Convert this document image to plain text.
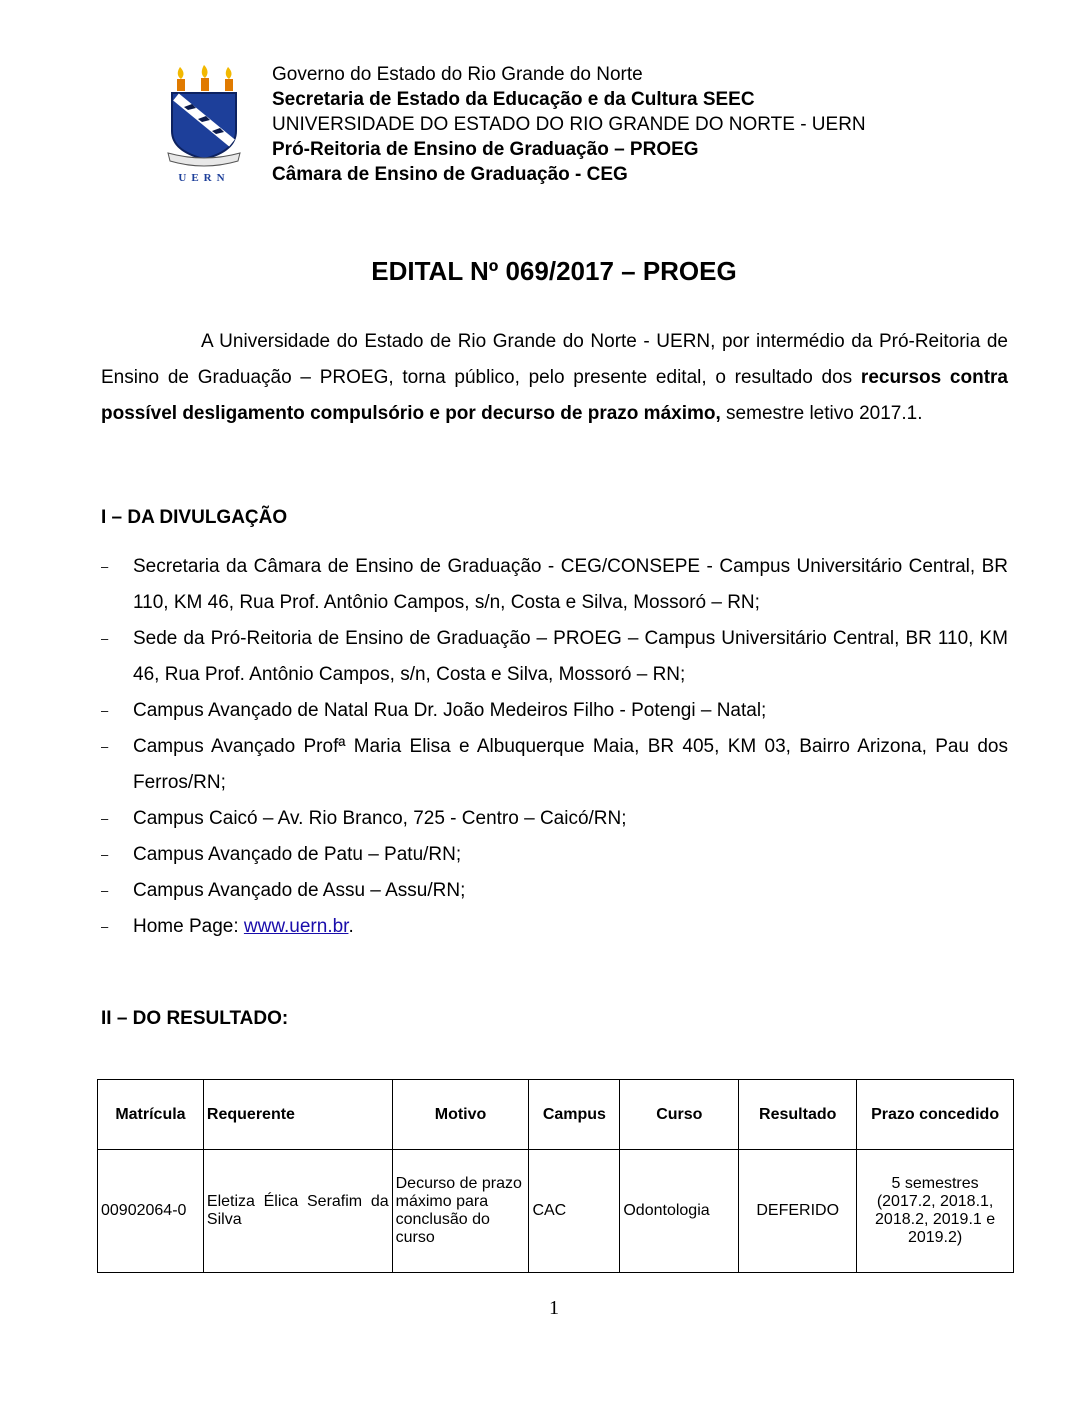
UERN
Governo do Estado do Rio Grande do Norte
Secretaria de Estado da Educação e da Cultura SEEC
UNIVERSIDADE DO ESTADO DO RIO GRANDE DO NORTE - UERN
Pró-Reitoria de Ensino de Graduação – PROEG
Câmara de Ensino de Graduação - CEG
EDITAL Nº 069/2017 – PROEG

A Universidade do Estado de Rio Grande do Norte - UERN, por intermédio da Pró-Reitoria de Ensino de Graduação – PROEG, torna público, pelo presente edital, o resultado dos recursos contra possível desligamento compulsório e por decurso de prazo máximo, semestre letivo 2017.1.

I – DA DIVULGAÇÃO
– Secretaria da Câmara de Ensino de Graduação - CEG/CONSEPE - Campus Universitário Central, BR 110, KM 46, Rua Prof. Antônio Campos, s/n, Costa e Silva, Mossoró – RN;
– Sede da Pró-Reitoria de Ensino de Graduação – PROEG – Campus Universitário Central, BR 110, KM 46, Rua Prof. Antônio Campos, s/n, Costa e Silva, Mossoró – RN;
– Campus Avançado de Natal Rua Dr. João Medeiros Filho - Potengi – Natal;
– Campus Avançado Profª Maria Elisa e Albuquerque Maia, BR 405, KM 03, Bairro Arizona, Pau dos Ferros/RN;
– Campus Caicó – Av. Rio Branco, 725 - Centro – Caicó/RN;
– Campus Avançado de Patu – Patu/RN;
– Campus Avançado de Assu – Assu/RN;
– Home Page: www.uern.br.
II – DO RESULTADO:
Matrícula	Requerente	Motivo	Campus	Curso	Resultado	Prazo concedido
00902064-0	Eletiza Élica Serafim da Silva	Decurso de prazo máximo para conclusão do curso	CAC	Odontologia	DEFERIDO	5 semestres (2017.2, 2018.1, 2018.2, 2019.1 e 2019.2)
1
